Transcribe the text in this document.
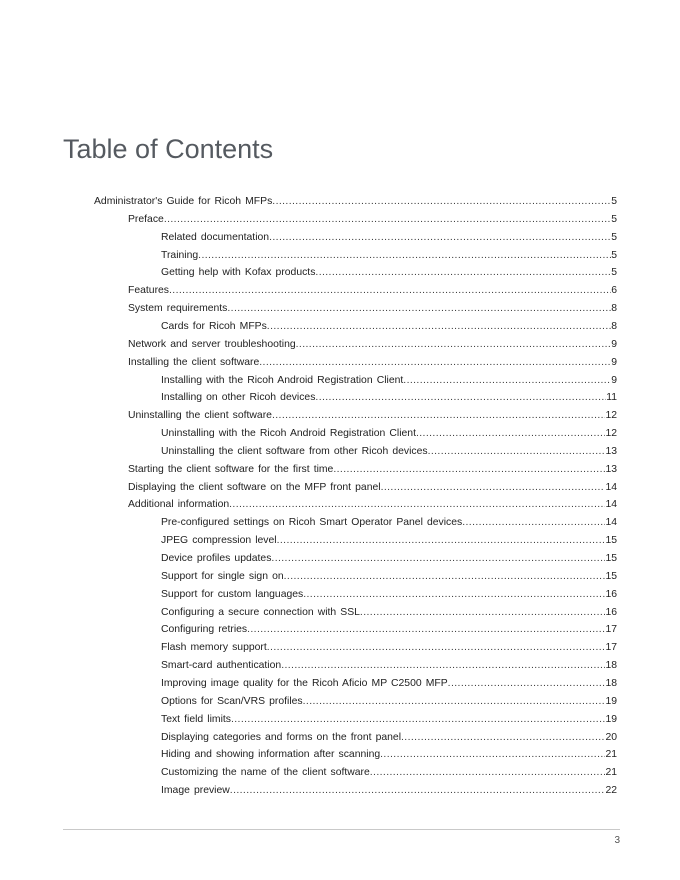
Table of Contents
Administrator's Guide for Ricoh MFPs .....	5
Preface .....	5
Related documentation .....	5
Training .....	5
Getting help with Kofax products .....	5
Features .....	6
System requirements .....	8
Cards for Ricoh MFPs .....	8
Network and server troubleshooting .....	9
Installing the client software .....	9
Installing with the Ricoh Android Registration Client .....	9
Installing on other Ricoh devices .....	11
Uninstalling the client software .....	12
Uninstalling with the Ricoh Android Registration Client .....	12
Uninstalling the client software from other Ricoh devices .....	13
Starting the client software for the first time .....	13
Displaying the client software on the MFP front panel .....	14
Additional information .....	14
Pre-configured settings on Ricoh Smart Operator Panel devices .....	14
JPEG compression level .....	15
Device profiles updates .....	15
Support for single sign on .....	15
Support for custom languages .....	16
Configuring a secure connection with SSL .....	16
Configuring retries .....	17
Flash memory support .....	17
Smart-card authentication .....	18
Improving image quality for the Ricoh Aficio MP C2500 MFP .....	18
Options for Scan/VRS profiles .....	19
Text field limits .....	19
Displaying categories and forms on the front panel .....	20
Hiding and showing information after scanning .....	21
Customizing the name of the client software .....	21
Image preview .....	22
3
